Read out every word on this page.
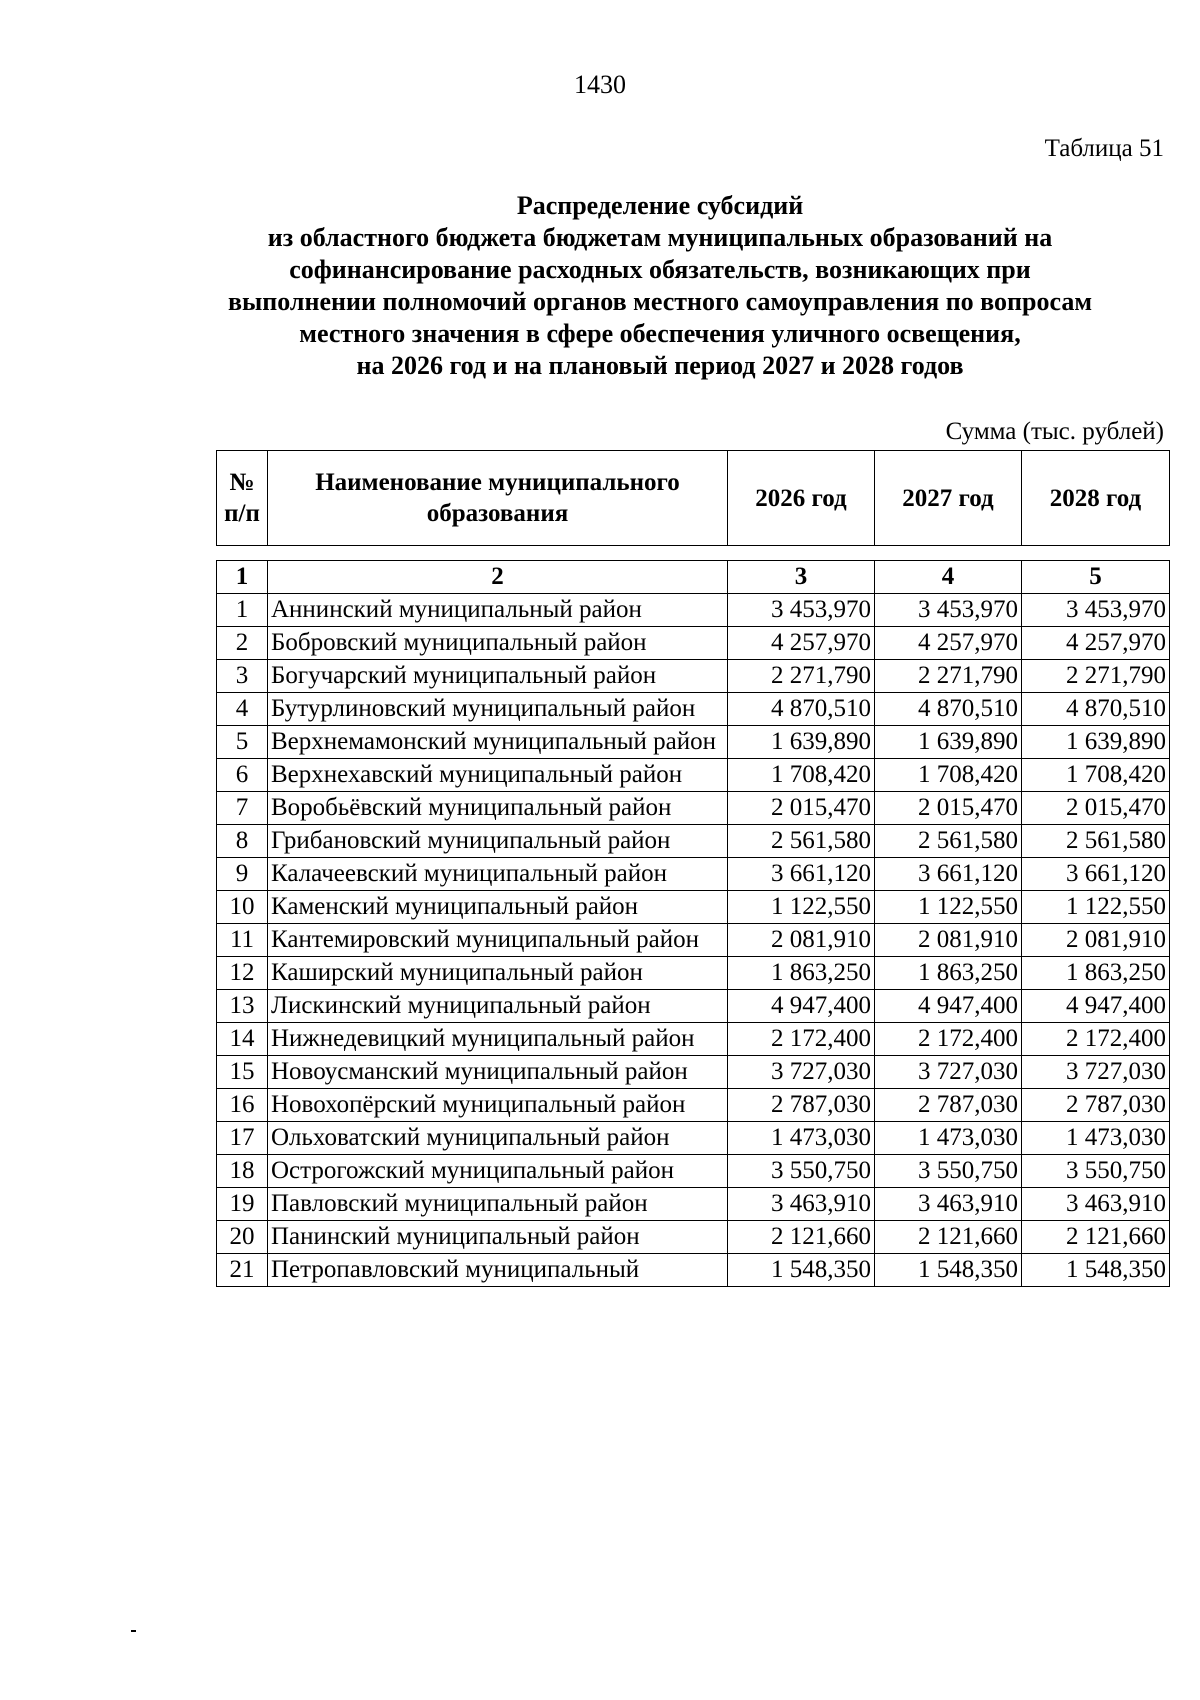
1430
Таблица 51
Распределение субсидий
из областного бюджета бюджетам муниципальных образований на
софинансирование расходных обязательств, возникающих при
выполнении полномочий органов местного самоуправления по вопросам
местного значения в сфере обеспечения уличного освещения,
на 2026 год и на плановый период 2027 и 2028 годов
Сумма (тыс. рублей)
№ п/п	Наименование муниципального образования	2026 год	2027 год	2028 год
1	2	3	4	5
1	Аннинский муниципальный район	3 453,970	3 453,970	3 453,970
2	Бобровский муниципальный район	4 257,970	4 257,970	4 257,970
3	Богучарский муниципальный район	2 271,790	2 271,790	2 271,790
4	Бутурлиновский муниципальный район	4 870,510	4 870,510	4 870,510
5	Верхнемамонский муниципальный район	1 639,890	1 639,890	1 639,890
6	Верхнехавский муниципальный район	1 708,420	1 708,420	1 708,420
7	Воробьёвский муниципальный район	2 015,470	2 015,470	2 015,470
8	Грибановский муниципальный район	2 561,580	2 561,580	2 561,580
9	Калачеевский муниципальный район	3 661,120	3 661,120	3 661,120
10	Каменский муниципальный район	1 122,550	1 122,550	1 122,550
11	Кантемировский муниципальный район	2 081,910	2 081,910	2 081,910
12	Каширский муниципальный район	1 863,250	1 863,250	1 863,250
13	Лискинский муниципальный район	4 947,400	4 947,400	4 947,400
14	Нижнедевицкий муниципальный район	2 172,400	2 172,400	2 172,400
15	Новоусманский муниципальный район	3 727,030	3 727,030	3 727,030
16	Новохопёрский муниципальный район	2 787,030	2 787,030	2 787,030
17	Ольховатский муниципальный район	1 473,030	1 473,030	1 473,030
18	Острогожский муниципальный район	3 550,750	3 550,750	3 550,750
19	Павловский муниципальный район	3 463,910	3 463,910	3 463,910
20	Панинский муниципальный район	2 121,660	2 121,660	2 121,660
21	Петропавловский муниципальный	1 548,350	1 548,350	1 548,350
